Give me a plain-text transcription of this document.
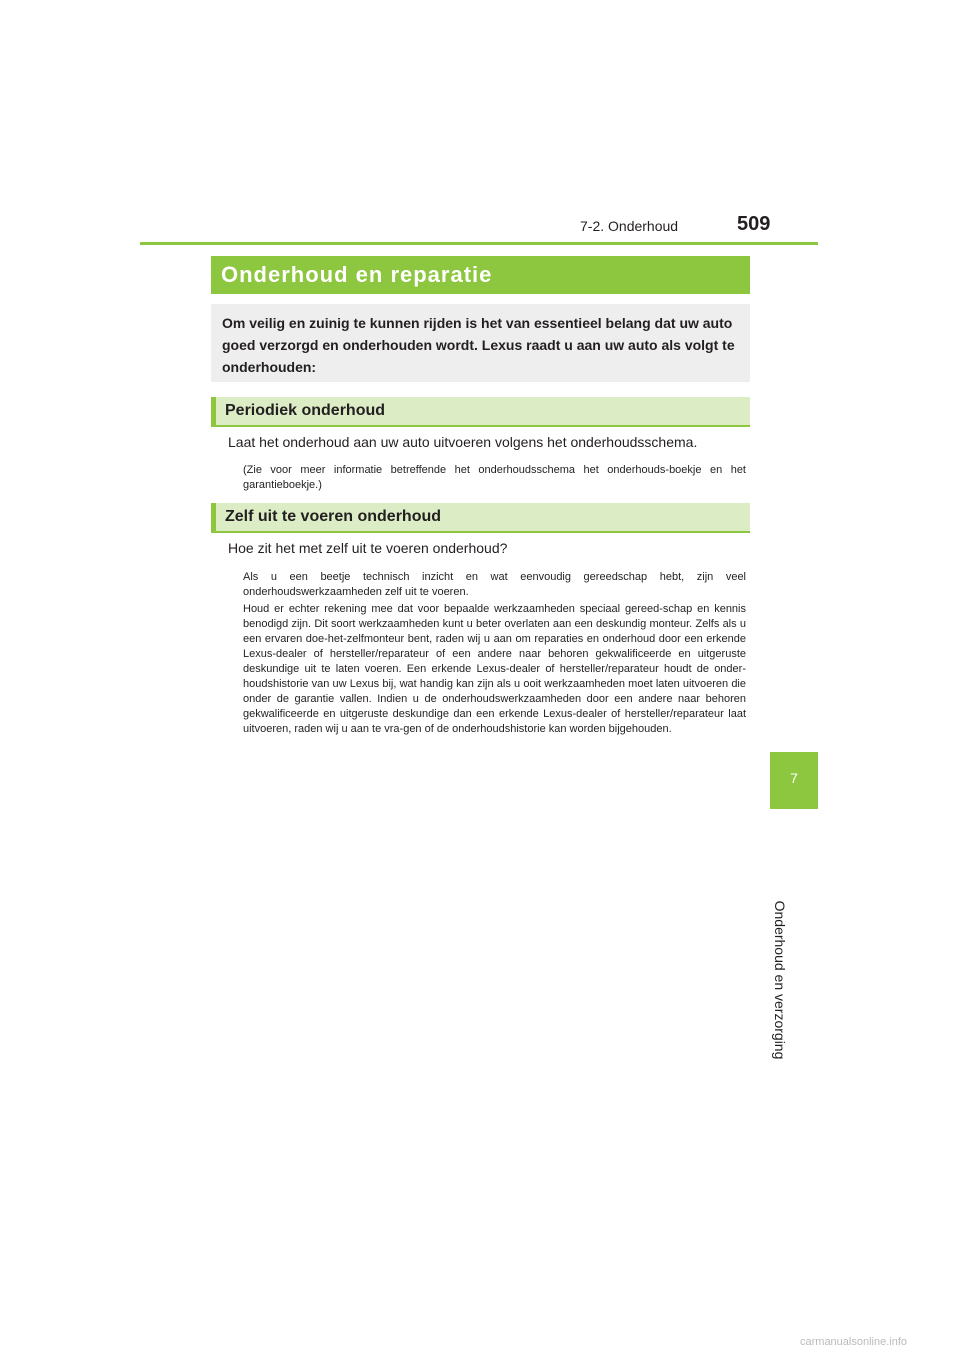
7-2. Onderhoud	509
7
Onderhoud en verzorging
Onderhoud en reparatie
Om veilig en zuinig te kunnen rijden is het van essentieel belang dat uw auto goed verzorgd en onderhouden wordt. Lexus raadt u aan uw auto als volgt te onderhouden:
Periodiek onderhoud
Laat het onderhoud aan uw auto uitvoeren volgens het onderhoudsschema.
(Zie voor meer informatie betreffende het onderhoudsschema het onderhouds-boekje en het garantieboekje.)
Zelf uit te voeren onderhoud
Hoe zit het met zelf uit te voeren onderhoud?
Als u een beetje technisch inzicht en wat eenvoudig gereedschap hebt, zijn veel onderhoudswerkzaamheden zelf uit te voeren.
Houd er echter rekening mee dat voor bepaalde werkzaamheden speciaal gereed-schap en kennis benodigd zijn. Dit soort werkzaamheden kunt u beter overlaten aan een deskundig monteur. Zelfs als u een ervaren doe-het-zelfmonteur bent, raden wij u aan om reparaties en onderhoud door een erkende Lexus-dealer of hersteller/reparateur of een andere naar behoren gekwalificeerde en uitgeruste deskundige uit te laten voeren. Een erkende Lexus-dealer of hersteller/reparateur houdt de onder-houdshistorie van uw Lexus bij, wat handig kan zijn als u ooit werkzaamheden moet laten uitvoeren die onder de garantie vallen. Indien u de onderhoudswerkzaamheden door een andere naar behoren gekwalificeerde en uitgeruste deskundige dan een erkende Lexus-dealer of hersteller/reparateur laat uitvoeren, raden wij u aan te vra-gen of de onderhoudshistorie kan worden bijgehouden.
carmanualsonline.info
